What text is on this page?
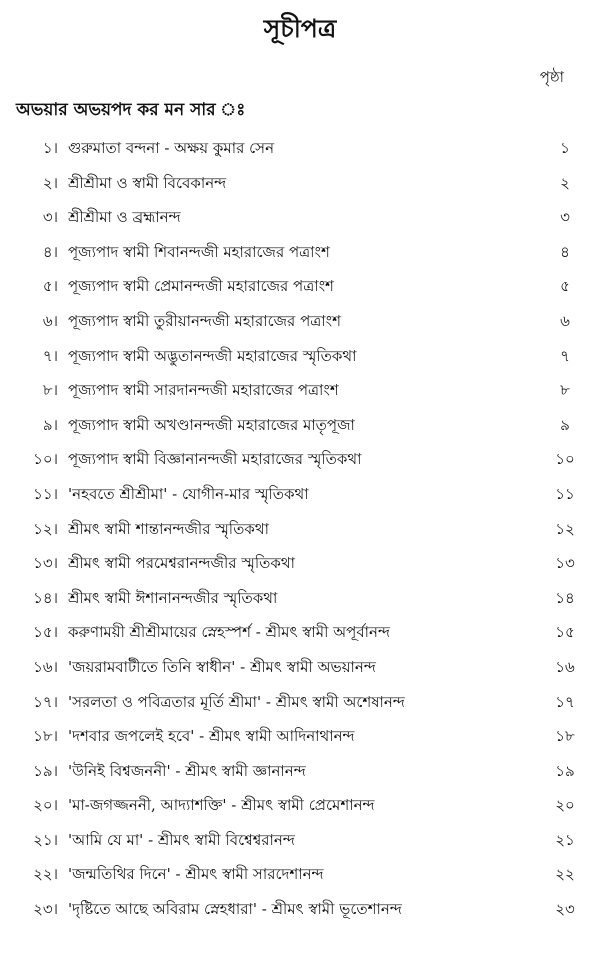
সূচীপত্র
পৃষ্ঠা
অভয়ার অভয়পদ কর মন সার ঃ
১। গুরুমাতা বন্দনা - অক্ষয় কুমার সেন	১
২। শ্রীশ্রীমা ও স্বামী বিবেকানন্দ	২
৩। শ্রীশ্রীমা ও ব্রহ্মানন্দ	৩
৪। পূজ্যপাদ স্বামী শিবানন্দজী মহারাজের পত্রাংশ	৪
৫। পূজ্যপাদ স্বামী প্রেমানন্দজী মহারাজের পত্রাংশ	৫
৬। পূজ্যপাদ স্বামী তুরীয়ানন্দজী মহারাজের পত্রাংশ	৬
৭। পূজ্যপাদ স্বামী অদ্ভুতানন্দজী মহারাজের স্মৃতিকথা	৭
৮। পূজ্যপাদ স্বামী সারদানন্দজী মহারাজের পত্রাংশ	৮
৯। পূজ্যপাদ স্বামী অখণ্ডানন্দজী মহারাজের মাতৃপূজা	৯
১০। পূজ্যপাদ স্বামী বিজ্ঞানানন্দজী মহারাজের স্মৃতিকথা	১০
১১। 'নহবতে শ্রীশ্রীমা' - যোগীন-মার স্মৃতিকথা	১১
১২। শ্রীমৎ স্বামী শান্তানন্দজীর স্মৃতিকথা	১২
১৩। শ্রীমৎ স্বামী পরমেশ্বরানন্দজীর স্মৃতিকথা	১৩
১৪। শ্রীমৎ স্বামী ঈশানানন্দজীর স্মৃতিকথা	১৪
১৫। করুণাময়ী শ্রীশ্রীমায়ের স্নেহস্পর্শ - শ্রীমৎ স্বামী অপূর্বানন্দ	১৫
১৬। 'জয়রামবাটীতে তিনি স্বাধীন' - শ্রীমৎ স্বামী অভয়ানন্দ	১৬
১৭। 'সরলতা ও পবিত্রতার মূর্তি শ্রীমা' - শ্রীমৎ স্বামী অশেষানন্দ	১৭
১৮। 'দশবার জপলেই হবে' - শ্রীমৎ স্বামী আদিনাথানন্দ	১৮
১৯। 'উনিই বিশ্বজননী' - শ্রীমৎ স্বামী জ্ঞানানন্দ	১৯
২০। 'মা-জগজ্জননী, আদ্যাশক্তি' - শ্রীমৎ স্বামী প্রেমেশানন্দ	২০
২১। 'আমি যে মা' - শ্রীমৎ স্বামী বিশ্বেশ্বরানন্দ	২১
২২। 'জন্মতিথির দিনে' - শ্রীমৎ স্বামী সারদেশানন্দ	২২
২৩। 'দৃষ্টিতে আছে অবিরাম স্নেহধারা' - শ্রীমৎ স্বামী ভূতেশানন্দ	২৩
